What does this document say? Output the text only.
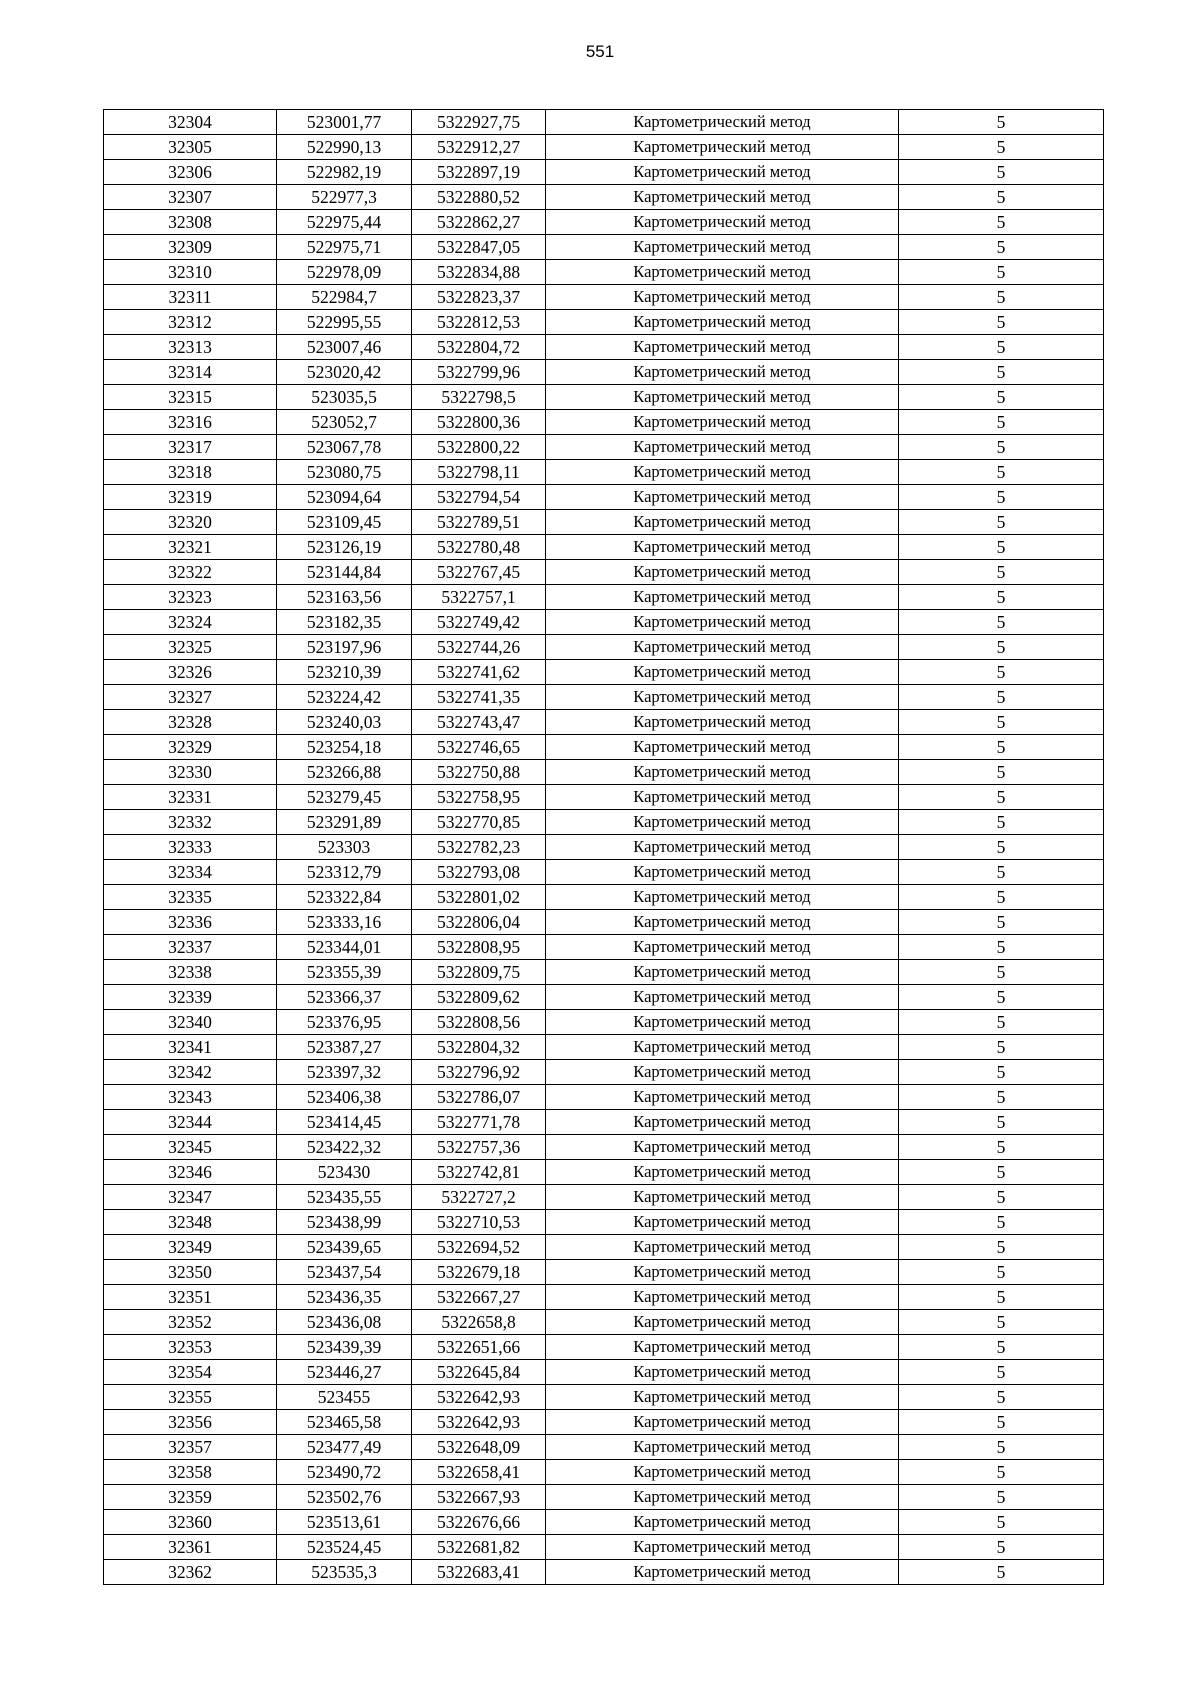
551
32304	523001,77	5322927,75	Картометрический метод	5
32305	522990,13	5322912,27	Картометрический метод	5
32306	522982,19	5322897,19	Картометрический метод	5
32307	522977,3	5322880,52	Картометрический метод	5
32308	522975,44	5322862,27	Картометрический метод	5
32309	522975,71	5322847,05	Картометрический метод	5
32310	522978,09	5322834,88	Картометрический метод	5
32311	522984,7	5322823,37	Картометрический метод	5
32312	522995,55	5322812,53	Картометрический метод	5
32313	523007,46	5322804,72	Картометрический метод	5
32314	523020,42	5322799,96	Картометрический метод	5
32315	523035,5	5322798,5	Картометрический метод	5
32316	523052,7	5322800,36	Картометрический метод	5
32317	523067,78	5322800,22	Картометрический метод	5
32318	523080,75	5322798,11	Картометрический метод	5
32319	523094,64	5322794,54	Картометрический метод	5
32320	523109,45	5322789,51	Картометрический метод	5
32321	523126,19	5322780,48	Картометрический метод	5
32322	523144,84	5322767,45	Картометрический метод	5
32323	523163,56	5322757,1	Картометрический метод	5
32324	523182,35	5322749,42	Картометрический метод	5
32325	523197,96	5322744,26	Картометрический метод	5
32326	523210,39	5322741,62	Картометрический метод	5
32327	523224,42	5322741,35	Картометрический метод	5
32328	523240,03	5322743,47	Картометрический метод	5
32329	523254,18	5322746,65	Картометрический метод	5
32330	523266,88	5322750,88	Картометрический метод	5
32331	523279,45	5322758,95	Картометрический метод	5
32332	523291,89	5322770,85	Картометрический метод	5
32333	523303	5322782,23	Картометрический метод	5
32334	523312,79	5322793,08	Картометрический метод	5
32335	523322,84	5322801,02	Картометрический метод	5
32336	523333,16	5322806,04	Картометрический метод	5
32337	523344,01	5322808,95	Картометрический метод	5
32338	523355,39	5322809,75	Картометрический метод	5
32339	523366,37	5322809,62	Картометрический метод	5
32340	523376,95	5322808,56	Картометрический метод	5
32341	523387,27	5322804,32	Картометрический метод	5
32342	523397,32	5322796,92	Картометрический метод	5
32343	523406,38	5322786,07	Картометрический метод	5
32344	523414,45	5322771,78	Картометрический метод	5
32345	523422,32	5322757,36	Картометрический метод	5
32346	523430	5322742,81	Картометрический метод	5
32347	523435,55	5322727,2	Картометрический метод	5
32348	523438,99	5322710,53	Картометрический метод	5
32349	523439,65	5322694,52	Картометрический метод	5
32350	523437,54	5322679,18	Картометрический метод	5
32351	523436,35	5322667,27	Картометрический метод	5
32352	523436,08	5322658,8	Картометрический метод	5
32353	523439,39	5322651,66	Картометрический метод	5
32354	523446,27	5322645,84	Картометрический метод	5
32355	523455	5322642,93	Картометрический метод	5
32356	523465,58	5322642,93	Картометрический метод	5
32357	523477,49	5322648,09	Картометрический метод	5
32358	523490,72	5322658,41	Картометрический метод	5
32359	523502,76	5322667,93	Картометрический метод	5
32360	523513,61	5322676,66	Картометрический метод	5
32361	523524,45	5322681,82	Картометрический метод	5
32362	523535,3	5322683,41	Картометрический метод	5
